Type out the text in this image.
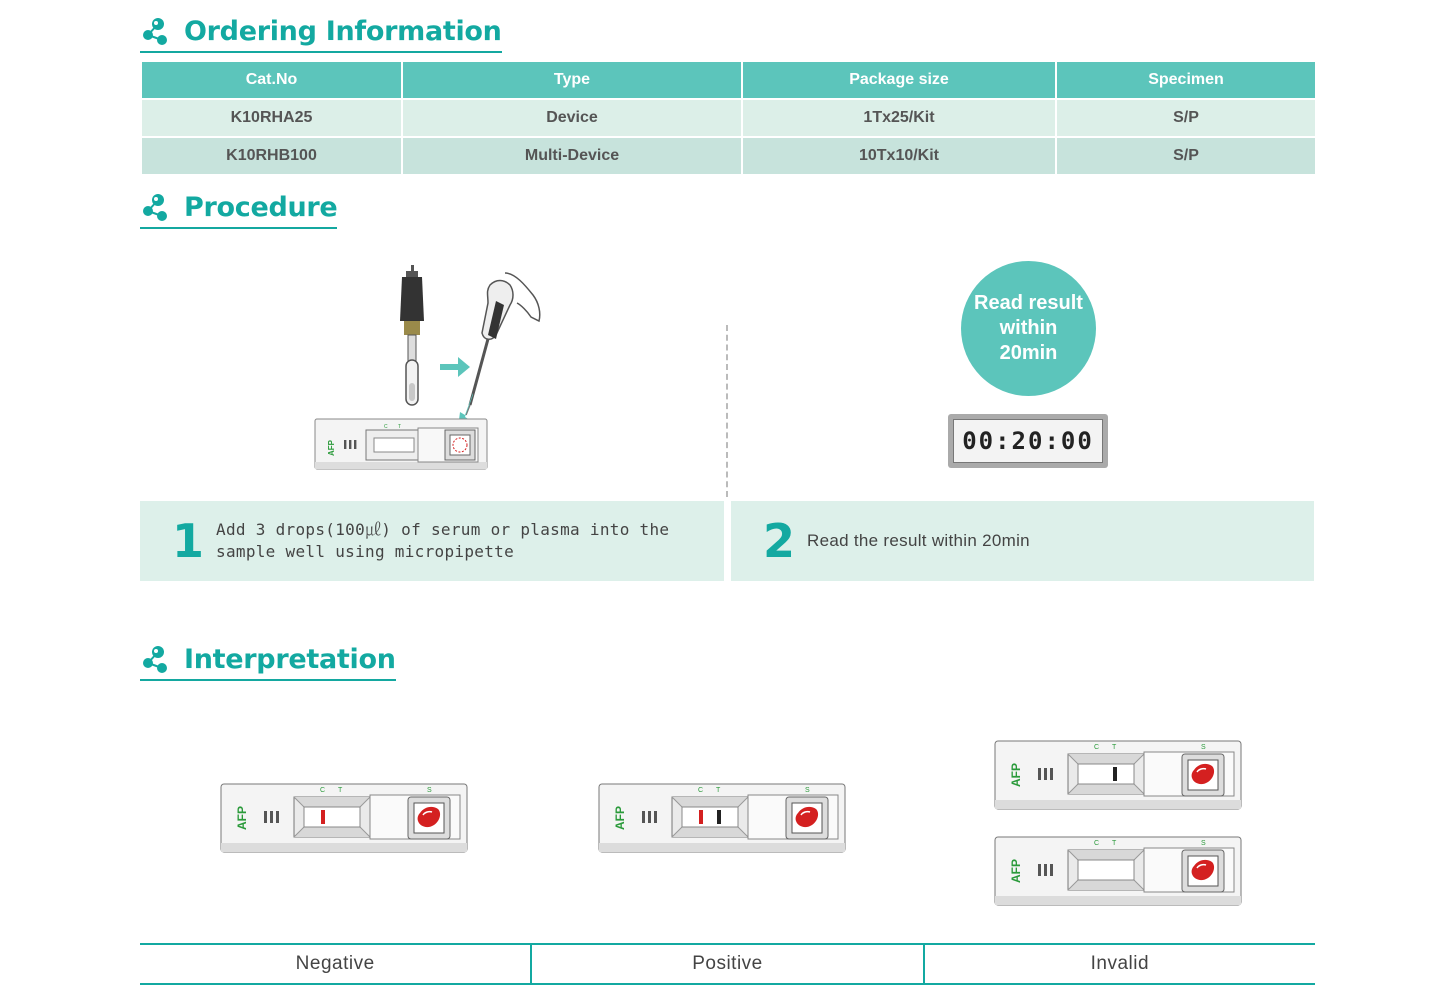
Ordering Information
Cat.No	Type	Package size	Specimen
K10RHA25	Device	1Tx25/Kit	S/P
K10RHB100	Multi-Device	10Tx10/Kit	S/P
Procedure
AFP
C T
Read result
within
20min
00:20:00
1 Add 3 drops(100㎕) of serum or plasma into the
sample well using micropipette	2 Read the result within 20min
Interpretation
AFP
C T	S
AFP
C T	S
AFP
C T	S
AFP
C T	S
Negative	Positive	Invalid
